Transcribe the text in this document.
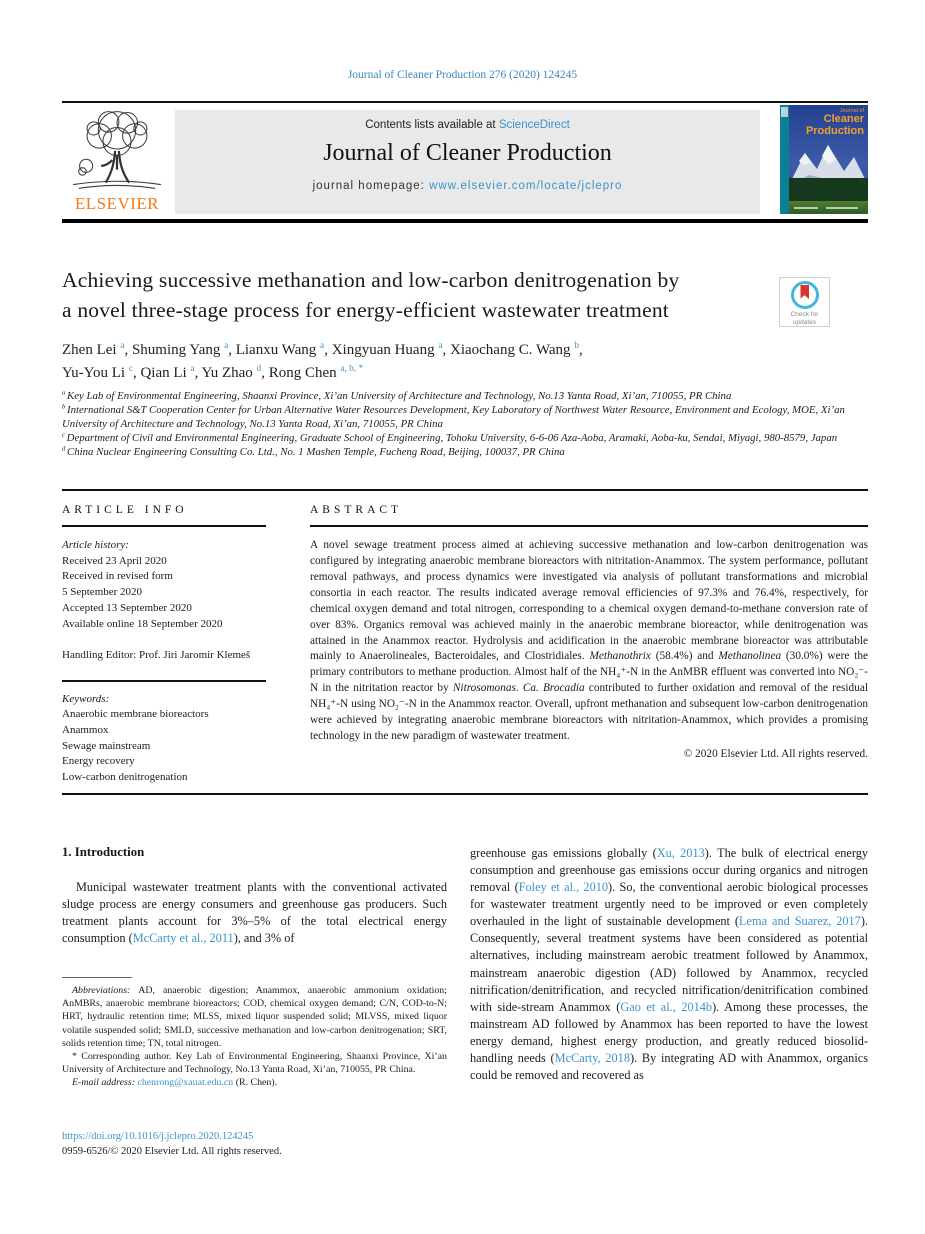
Journal of Cleaner Production 276 (2020) 124245
ELSEVIER
Contents lists available at ScienceDirect
Journal of Cleaner Production
journal homepage: www.elsevier.com/locate/jclepro
Journal of
Cleaner
Production
Achieving successive methanation and low-carbon denitrogenation by
a novel three-stage process for energy-efficient wastewater treatment	Check for
updates
Zhen Lei $^a$, Shuming Yang $^a$, Lianxu Wang $^a$, Xingyuan Huang $^a$, Xiaochang C. Wang $^b$,
Yu-You Li $^c$, Qian Li $^a$, Yu Zhao $^d$, Rong Chen $^{a, b, *}$
$^a$ Key Lab of Environmental Engineering, Shaanxi Province, Xi’an University of Architecture and Technology, No.13 Yanta Road, Xi’an, 710055, PR China
$^b$ International S&T Cooperation Center for Urban Alternative Water Resources Development, Key Laboratory of Northwest Water Resource, Environment and Ecology, MOE, Xi’an University of Architecture and Technology, No.13 Yanta Road, Xi’an, 710055, PR China
$^c$ Department of Civil and Environmental Engineering, Graduate School of Engineering, Tohoku University, 6-6-06 Aza-Aoba, Aramaki, Aoba-ku, Sendai, Miyagi, 980-8579, Japan
$^d$ China Nuclear Engineering Consulting Co. Ltd., No. 1 Mashen Temple, Fucheng Road, Beijing, 100037, PR China
ARTICLE INFO
Article history:
Received 23 April 2020
Received in revised form
5 September 2020
Accepted 13 September 2020
Available online 18 September 2020
Handling Editor: Prof. Jiri Jaromir Klemeš
Keywords:
Anaerobic membrane bioreactors
Anammox
Sewage mainstream
Energy recovery
Low-carbon denitrogenation
ABSTRACT

A novel sewage treatment process aimed at achieving successive methanation and low-carbon denitrogenation was configured by integrating anaerobic membrane bioreactors with nitritation-Anammox. The system performance, pollutant removal pathways, and process dynamics were investigated via analysis of pollutant transformations and microbial consortia in each reactor. The results indicated average removal efficiencies of 97.3% and 76.4%, respectively, for chemical oxygen demand and total nitrogen, corresponding to a chemical oxygen demand-to-methane conversion rate of over 83%. Organics removal was achieved mainly in the anaerobic membrane bioreactor, while denitrogenation was attained in the Anammox reactor. Hydrolysis and acidification in the anaerobic membrane bioreactor was attributable mainly to Anaerolineales, Bacteroidales, and Clostridiales. Methanothrix (58.4%) and Methanolinea (30.0%) were the primary contributors to methane production. Almost half of the NH₄⁺-N in the AnMBR effluent was converted into NO₂⁻-N in the nitritation reactor by Nitrosomonas. Ca. Brocadia contributed to further oxidation and removal of the residual NH₄⁺-N using NO₂⁻-N in the Anammox reactor. Overall, upfront methanation and subsequent low-carbon denitrogenation were achieved by integrating anaerobic membrane bioreactors with nitritation-Anammox, which provides a promising technology in the new paradigm of wastewater treatment.

© 2020 Elsevier Ltd. All rights reserved.
1. Introduction

Municipal wastewater treatment plants with the conventional activated sludge process are energy consumers and greenhouse gas producers. Such treatment plants account for 3%–5% of the total electrical energy consumption (McCarty et al., 2011), and 3% of

greenhouse gas emissions globally (Xu, 2013). The bulk of electrical energy consumption and greenhouse gas emissions occur during organics and nitrogen removal (Foley et al., 2010). So, the conventional aerobic biological processes for wastewater treatment urgently need to be improved or even completely overhauled in the light of sustainable development (Lema and Suarez, 2017). Consequently, several treatment systems have been considered as potential alternatives, including mainstream aerobic treatment followed by Anammox, mainstream anaerobic digestion (AD) followed by Anammox, recycled nitrification/denitrification, and recycled nitrification/denitrification combined with side-stream Anammox (Gao et al., 2014b). Among these processes, the mainstream AD followed by Anammox has been reported to have the lowest energy demand, highest energy production, and greatly reduced biosolid-handling needs (McCarty, 2018). By integrating AD with Anammox, organics could be removed and recovered as

Abbreviations: AD, anaerobic digestion; Anammox, anaerobic ammonium oxidation; AnMBRs, anaerobic membrane bioreactors; COD, chemical oxygen demand; C/N, COD-to-N; HRT, hydraulic retention time; MLSS, mixed liquor suspended solid; MLVSS, mixed liquor volatile suspended solid; SMLD, successive methanation and low-carbon denitrogenation; SRT, solids retention time; TN, total nitrogen.

* Corresponding author. Key Lab of Environmental Engineering, Shaanxi Province, Xi’an University of Architecture and Technology, No.13 Yanta Road, Xi’an, 710055, PR China.

E-mail address: chenrong@xauat.edu.cn (R. Chen).

https://doi.org/10.1016/j.jclepro.2020.124245
0959-6526/© 2020 Elsevier Ltd. All rights reserved.
